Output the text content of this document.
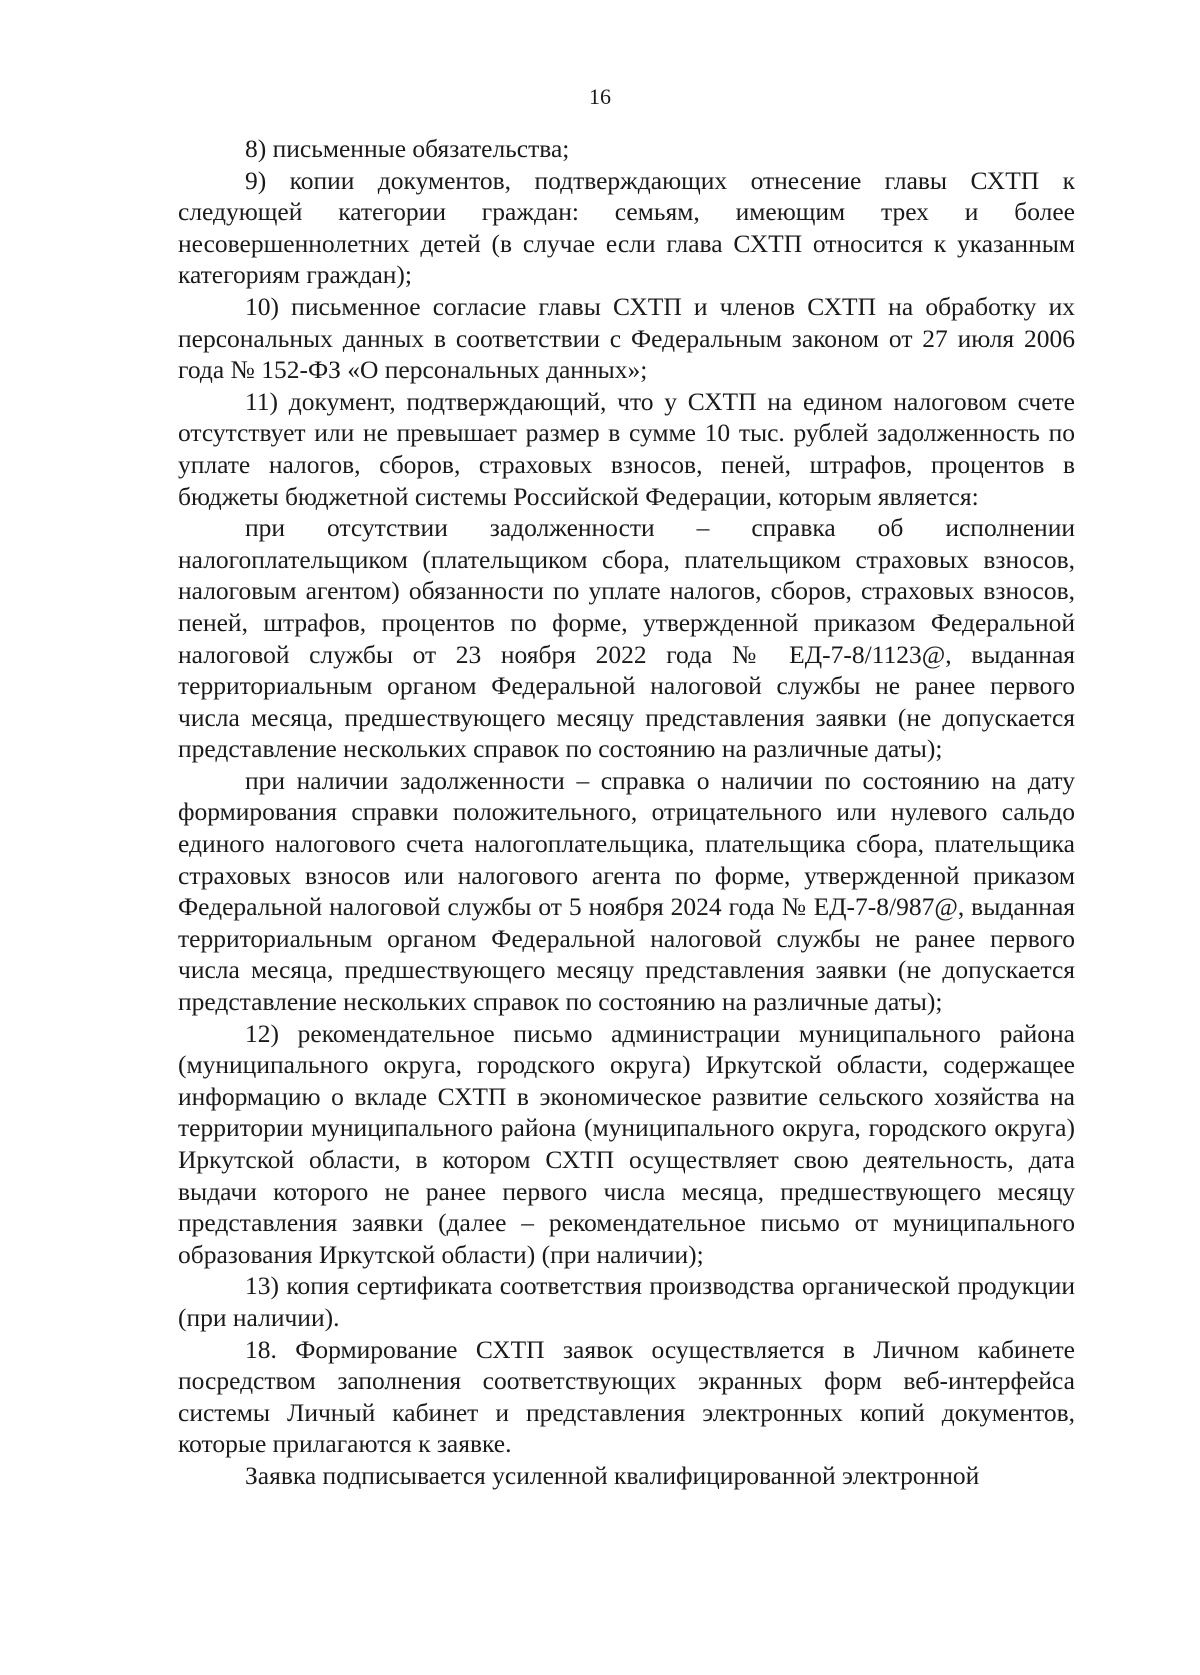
16

8) письменные обязательства;

9) копии документов, подтверждающих отнесение главы СХТП к следующей категории граждан: семьям, имеющим трех и более несовершеннолетних детей (в случае если глава СХТП относится к указанным категориям граждан);

10) письменное согласие главы СХТП и членов СХТП на обработку их персональных данных в соответствии с Федеральным законом от 27 июля 2006 года № 152-ФЗ «О персональных данных»;

11) документ, подтверждающий, что у СХТП на едином налоговом счете отсутствует или не превышает размер в сумме 10 тыс. рублей задолженность по уплате налогов, сборов, страховых взносов, пеней, штрафов, процентов в бюджеты бюджетной системы Российской Федерации, которым является:

при отсутствии задолженности – справка об исполнении налогоплательщиком (плательщиком сбора, плательщиком страховых взносов, налоговым агентом) обязанности по уплате налогов, сборов, страховых взносов, пеней, штрафов, процентов по форме, утвержденной приказом Федеральной налоговой службы от 23 ноября 2022 года № ЕД-7-8/1123@, выданная территориальным органом Федеральной налоговой службы не ранее первого числа месяца, предшествующего месяцу представления заявки (не допускается представление нескольких справок по состоянию на различные даты);

при наличии задолженности – справка о наличии по состоянию на дату формирования справки положительного, отрицательного или нулевого сальдо единого налогового счета налогоплательщика, плательщика сбора, плательщика страховых взносов или налогового агента по форме, утвержденной приказом Федеральной налоговой службы от 5 ноября 2024 года № ЕД-7-8/987@, выданная территориальным органом Федеральной налоговой службы не ранее первого числа месяца, предшествующего месяцу представления заявки (не допускается представление нескольких справок по состоянию на различные даты);

12) рекомендательное письмо администрации муниципального района (муниципального округа, городского округа) Иркутской области, содержащее информацию о вкладе СХТП в экономическое развитие сельского хозяйства на территории муниципального района (муниципального округа, городского округа) Иркутской области, в котором СХТП осуществляет свою деятельность, дата выдачи которого не ранее первого числа месяца, предшествующего месяцу представления заявки (далее – рекомендательное письмо от муниципального образования Иркутской области) (при наличии);

13) копия сертификата соответствия производства органической продукции (при наличии).

18. Формирование СХТП заявок осуществляется в Личном кабинете посредством заполнения соответствующих экранных форм веб-интерфейса системы Личный кабинет и представления электронных копий документов, которые прилагаются к заявке.

Заявка подписывается усиленной квалифицированной электронной
